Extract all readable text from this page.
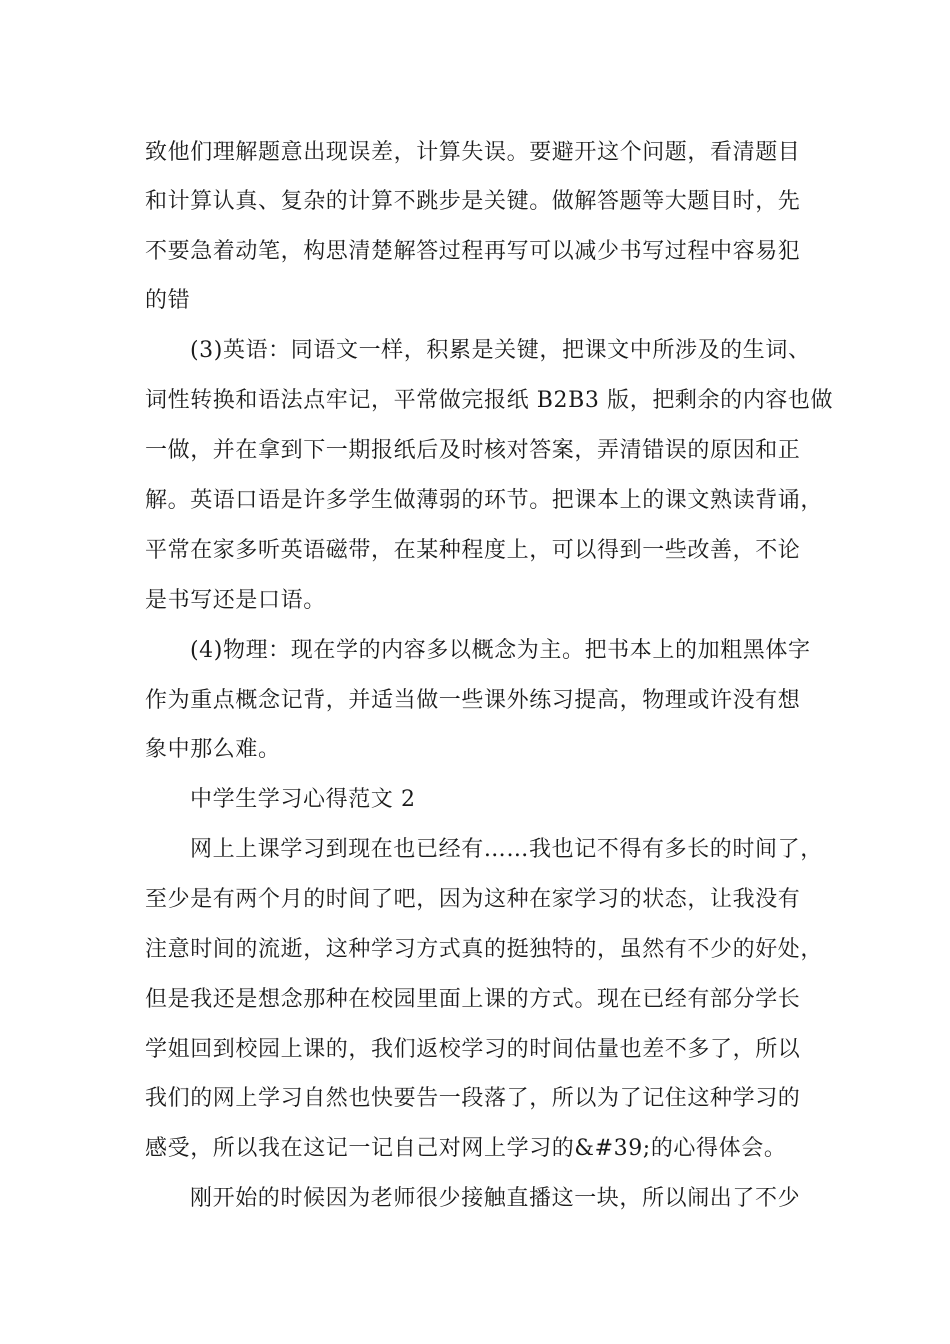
致他们理解题意出现误差，计算失误。要避开这个问题，看清题目
和计算认真、复杂的计算不跳步是关键。做解答题等大题目时，先
不要急着动笔，构思清楚解答过程再写可以减少书写过程中容易犯
的错
(3)英语：同语文一样，积累是关键，把课文中所涉及的生词、
词性转换和语法点牢记，平常做完报纸 B2B3 版，把剩余的内容也做
一做，并在拿到下一期报纸后及时核对答案，弄清错误的原因和正
解。英语口语是许多学生做薄弱的环节。把课本上的课文熟读背诵，
平常在家多听英语磁带，在某种程度上，可以得到一些改善，不论
是书写还是口语。
(4)物理：现在学的内容多以概念为主。把书本上的加粗黑体字
作为重点概念记背，并适当做一些课外练习提高，物理或许没有想
象中那么难。
中学生学习心得范文 2
网上上课学习到现在也已经有……我也记不得有多长的时间了，
至少是有两个月的时间了吧，因为这种在家学习的状态，让我没有
注意时间的流逝，这种学习方式真的挺独特的，虽然有不少的好处，
但是我还是想念那种在校园里面上课的方式。现在已经有部分学长
学姐回到校园上课的，我们返校学习的时间估量也差不多了，所以
我们的网上学习自然也快要告一段落了，所以为了记住这种学习的
感受，所以我在这记一记自己对网上学习的&#39;的心得体会。
刚开始的时候因为老师很少接触直播这一块，所以闹出了不少
